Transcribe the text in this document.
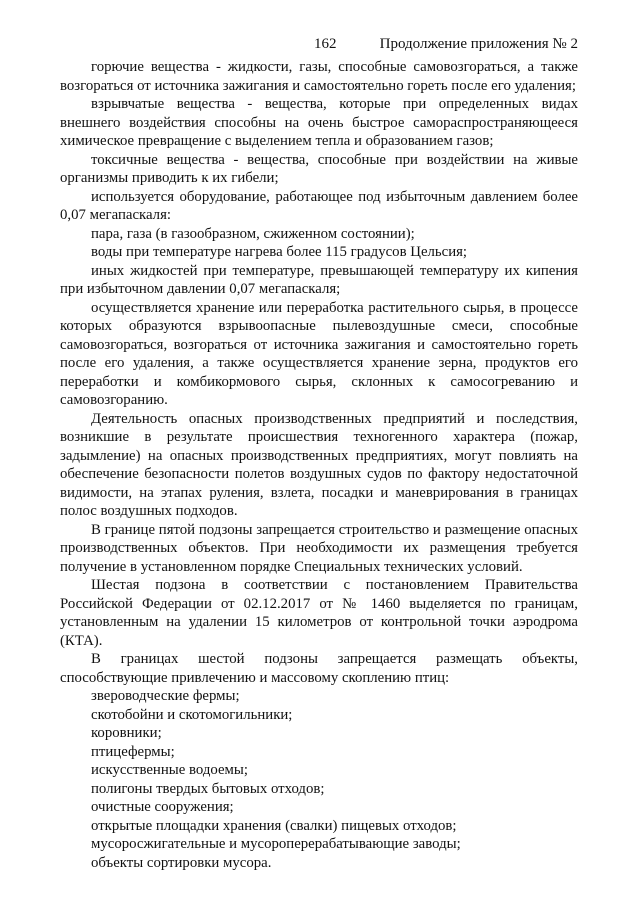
162	Продолжение приложения № 2

горючие вещества - жидкости, газы, способные самовозгораться, а также возгораться от источника зажигания и самостоятельно гореть после его удаления;

взрывчатые вещества - вещества, которые при определенных видах внешнего воздействия способны на очень быстрое самораспространяющееся химическое превращение с выделением тепла и образованием газов;

токсичные вещества - вещества, способные при воздействии на живые организмы приводить к их гибели;

используется оборудование, работающее под избыточным давлением более 0,07 мегапаскаля:

пара, газа (в газообразном, сжиженном состоянии);

воды при температуре нагрева более 115 градусов Цельсия;

иных жидкостей при температуре, превышающей температуру их кипения при избыточном давлении 0,07 мегапаскаля;

осуществляется хранение или переработка растительного сырья, в процессе которых образуются взрывоопасные пылевоздушные смеси, способные самовозгораться, возгораться от источника зажигания и самостоятельно гореть после его удаления, а также осуществляется хранение зерна, продуктов его переработки и комбикормового сырья, склонных к самосогреванию и самовозгоранию.

Деятельность опасных производственных предприятий и последствия, возникшие в результате происшествия техногенного характера (пожар, задымление) на опасных производственных предприятиях, могут повлиять на обеспечение безопасности полетов воздушных судов по фактору недостаточной видимости, на этапах руления, взлета, посадки и маневрирования в границах полос воздушных подходов.

В границе пятой подзоны запрещается строительство и размещение опасных производственных объектов. При необходимости их размещения требуется получение в установленном порядке Специальных технических условий.

Шестая подзона в соответствии с постановлением Правительства Российской Федерации от 02.12.2017 от № 1460 выделяется по границам, установленным на удалении 15 километров от контрольной точки аэродрома (КТА).

В границах шестой подзоны запрещается размещать объекты, способствующие привлечению и массовому скоплению птиц:

звероводческие фермы;

скотобойни и скотомогильники;

коровники;

птицефермы;

искусственные водоемы;

полигоны твердых бытовых отходов;

очистные сооружения;

открытые площадки хранения (свалки) пищевых отходов;

мусоросжигательные и мусороперерабатывающие заводы;

объекты сортировки мусора.
